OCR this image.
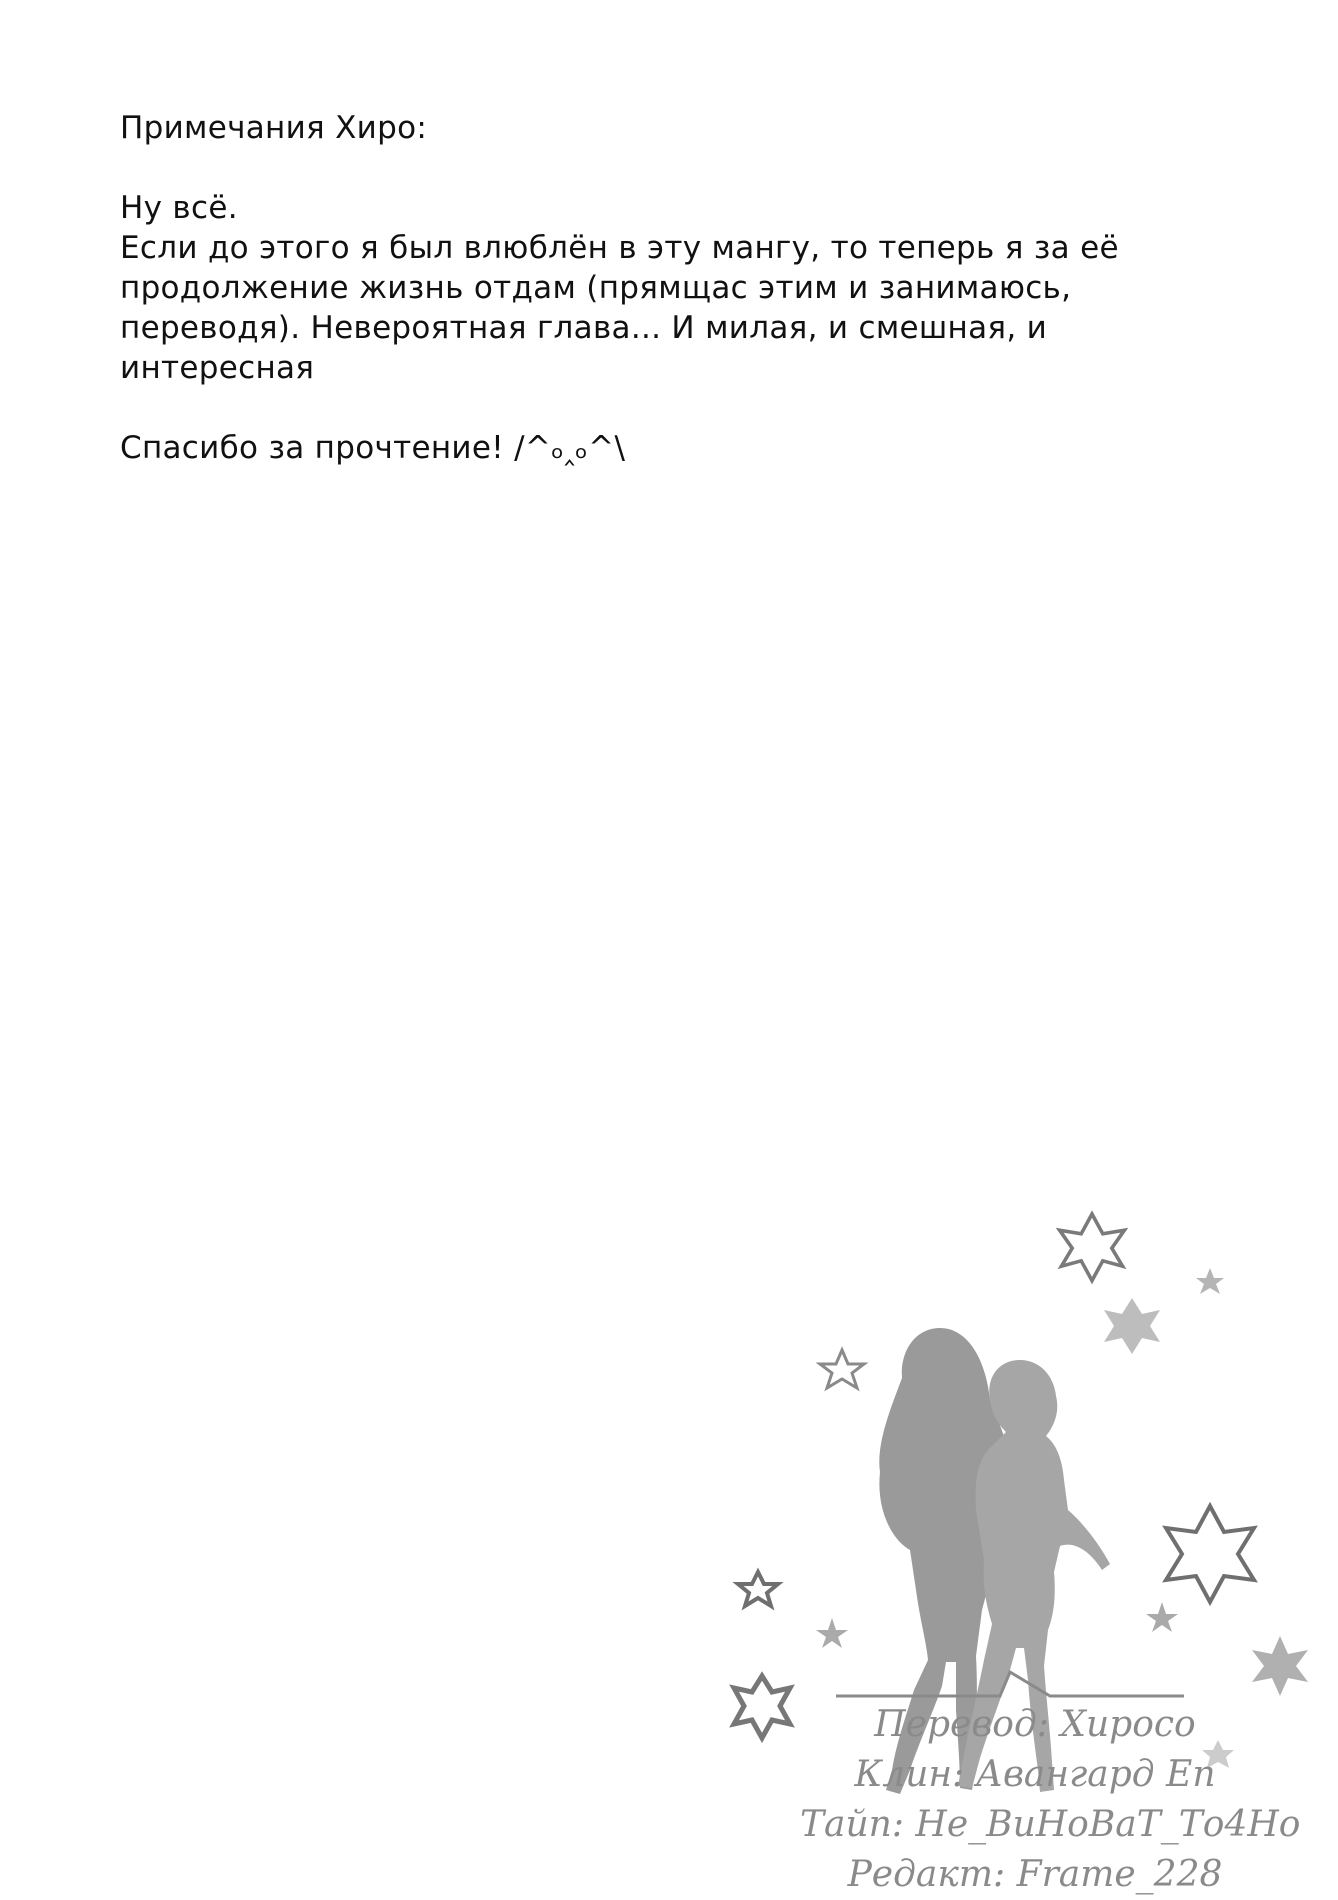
Примечания Хиро:

Ну всё.

Если до этого я был влюблён в эту мангу, то теперь я за её

продолжение жизнь отдам (прямщас этим и занимаюсь,

переводя). Невероятная глава... И милая, и смешная, и

интересная

Спасибо за прочтение! /^ₒ‸ₒ^\

Перевод: Хиросо
Клин: Авангард Еп
Тайп: Не_ВиНоВаТ_То4Но
Редакт: Frame_228
